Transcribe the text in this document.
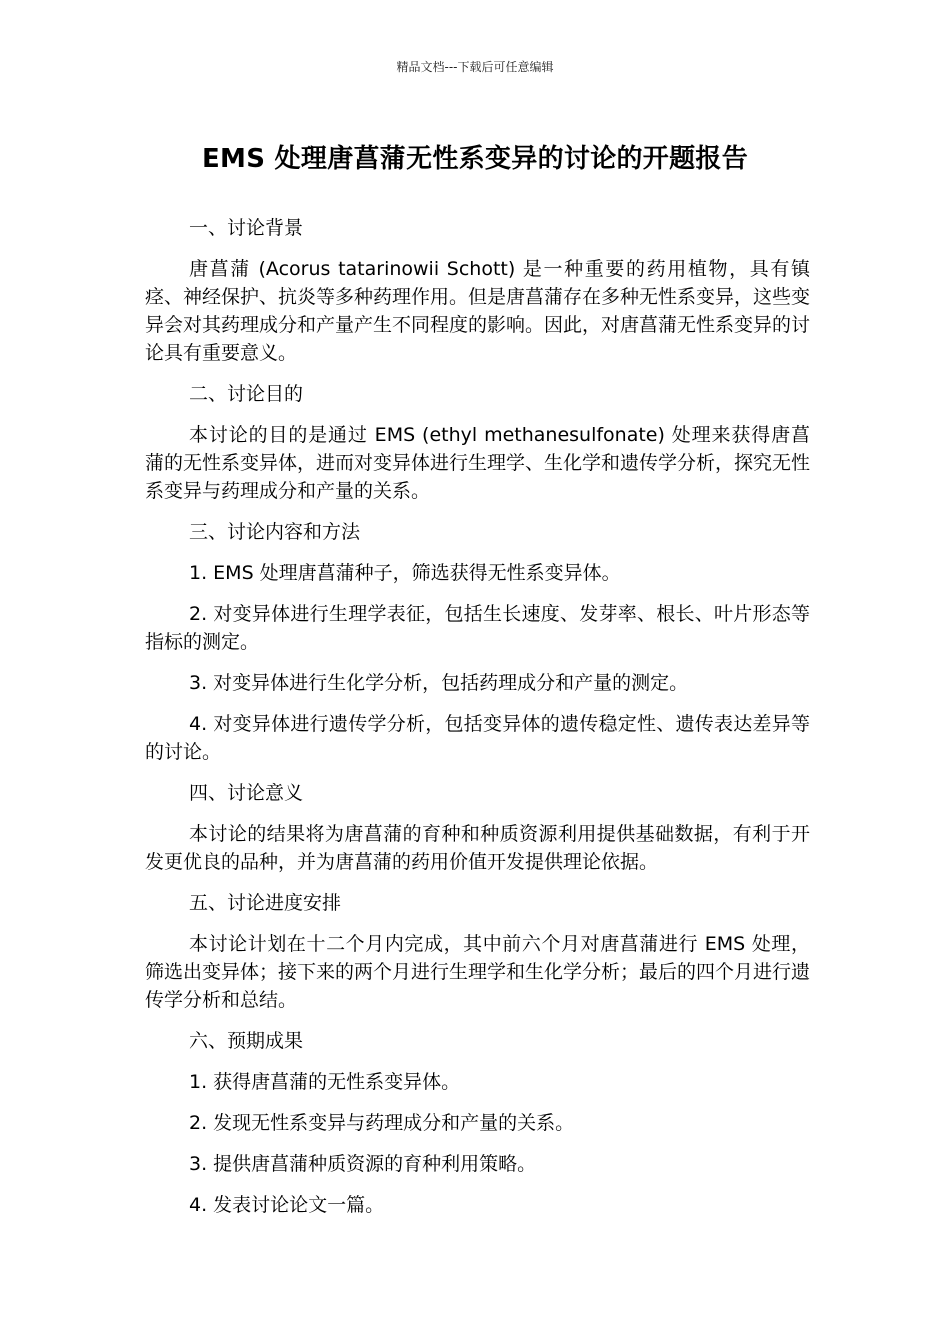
精品文档---下载后可任意编辑
EMS 处理唐菖蒲无性系变异的讨论的开题报告

一、讨论背景

唐菖蒲 (Acorus tatarinowii Schott) 是一种重要的药用植物，具有镇痉、神经保护、抗炎等多种药理作用。但是唐菖蒲存在多种无性系变异，这些变异会对其药理成分和产量产生不同程度的影响。因此，对唐菖蒲无性系变异的讨论具有重要意义。

二、讨论目的

本讨论的目的是通过 EMS (ethyl methanesulfonate) 处理来获得唐菖蒲的无性系变异体，进而对变异体进行生理学、生化学和遗传学分析，探究无性系变异与药理成分和产量的关系。

三、讨论内容和方法

1. EMS 处理唐菖蒲种子，筛选获得无性系变异体。

2. 对变异体进行生理学表征，包括生长速度、发芽率、根长、叶片形态等指标的测定。

3. 对变异体进行生化学分析，包括药理成分和产量的测定。

4. 对变异体进行遗传学分析，包括变异体的遗传稳定性、遗传表达差异等的讨论。

四、讨论意义

本讨论的结果将为唐菖蒲的育种和种质资源利用提供基础数据，有利于开发更优良的品种，并为唐菖蒲的药用价值开发提供理论依据。

五、讨论进度安排

本讨论计划在十二个月内完成，其中前六个月对唐菖蒲进行 EMS 处理，筛选出变异体；接下来的两个月进行生理学和生化学分析；最后的四个月进行遗传学分析和总结。

六、预期成果

1. 获得唐菖蒲的无性系变异体。

2. 发现无性系变异与药理成分和产量的关系。

3. 提供唐菖蒲种质资源的育种利用策略。

4. 发表讨论论文一篇。
